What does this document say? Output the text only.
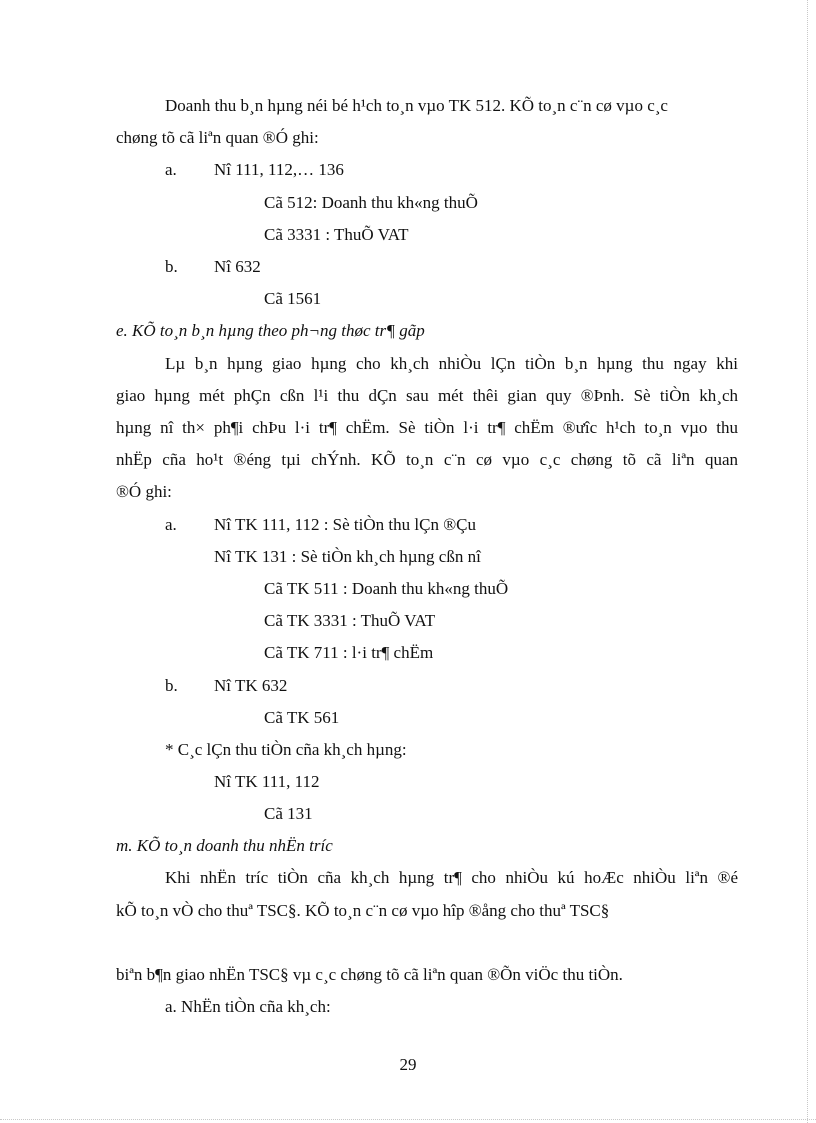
Doanh thu b¸n hµng néi bé h¹ch to¸n vµo TK 512. KÕ to¸n c¨n cø vµo c¸c
chøng tõ cã liªn quan ®Ó ghi:
a. Nî 111, 112,… 136
Cã 512: Doanh thu kh«ng thuÕ
Cã 3331 : ThuÕ VAT
b. Nî 632
Cã 1561
e. KÕ to¸n b¸n hµng theo ph¬ng thøc tr¶ gãp
Lµ b¸n hµng giao hµng cho kh¸ch nhiÒu lÇn tiÒn b¸n hµng thu ngay khi
giao hµng mét phÇn cßn l¹i thu dÇn sau mét thêi gian quy ®Þnh. Sè tiÒn kh¸ch
hµng nî th× ph¶i chÞu l·i tr¶ chËm. Sè tiÒn l·i tr¶ chËm ®ưîc h¹ch to¸n vµo thu
nhËp cña ho¹t ®éng tµi chÝnh. KÕ to¸n c¨n cø vµo c¸c chøng tõ cã liªn quan
®Ó ghi:
a. Nî TK 111, 112 : Sè tiÒn thu lÇn ®Çu
Nî TK 131 : Sè tiÒn kh¸ch hµng cßn nî
Cã TK 511 : Doanh thu kh«ng thuÕ
Cã TK 3331 : ThuÕ VAT
Cã TK 711 : l·i tr¶ chËm
b. Nî TK 632
Cã TK 561
* C¸c lÇn thu tiÒn cña kh¸ch hµng:
Nî TK 111, 112
Cã 131
m. KÕ to¸n doanh thu nhËn tríc
Khi nhËn tríc tiÒn cña kh¸ch hµng tr¶ cho nhiÒu kú hoÆc nhiÒu liªn ®é
kÕ to¸n vÒ cho thuª TSC§. KÕ to¸n c¨n cø vµo hîp ®ång cho thuª TSC§
biªn b¶n giao nhËn TSC§ vµ c¸c chøng tõ cã liªn quan ®Õn viÖc thu tiÒn.
a. NhËn tiÒn cña kh¸ch:
29
